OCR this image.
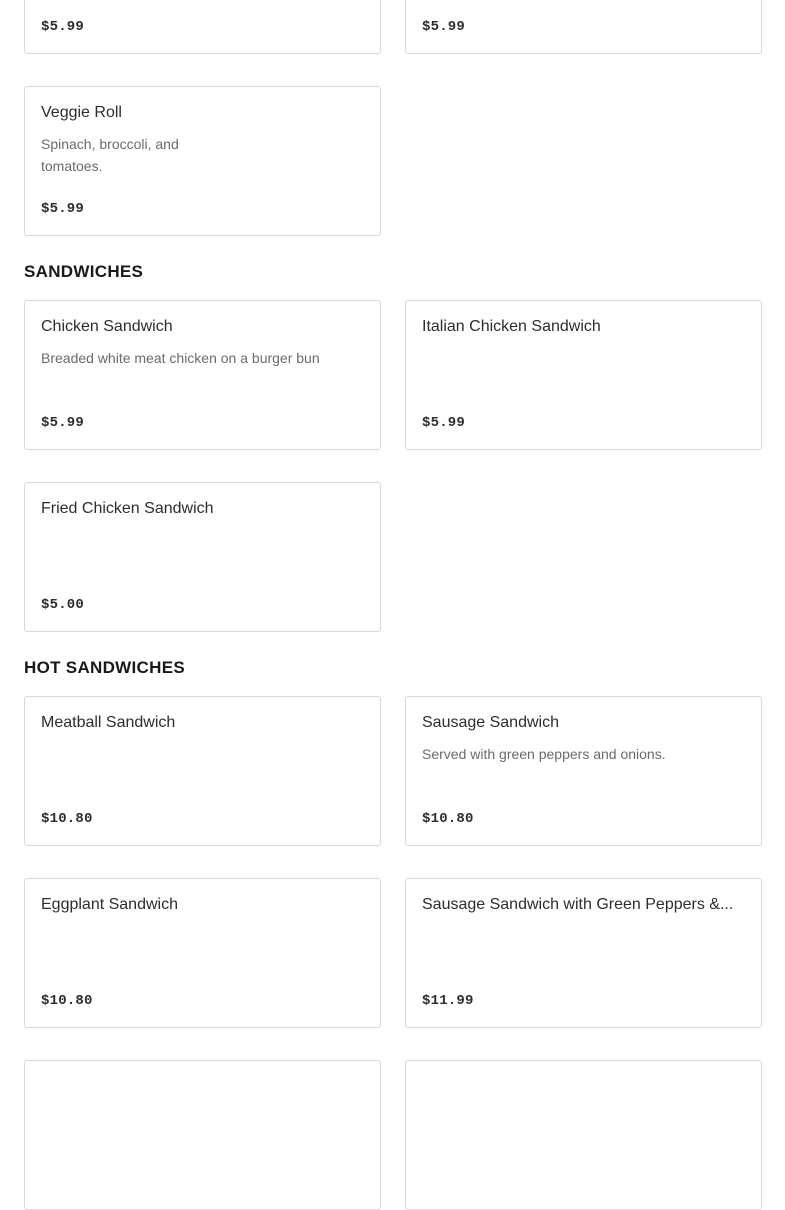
$5.99	$5.99
Veggie Roll
Spinach, broccoli, and tomatoes.
$5.99
SANDWICHES
Chicken Sandwich
Breaded white meat chicken on a burger bun
$5.99
Italian Chicken Sandwich
$5.99
Fried Chicken Sandwich
$5.00
HOT SANDWICHES
Meatball Sandwich
$10.80
Sausage Sandwich
Served with green peppers and onions.
$10.80
Eggplant Sandwich
$10.80
Sausage Sandwich with Green Peppers &...
$11.99
